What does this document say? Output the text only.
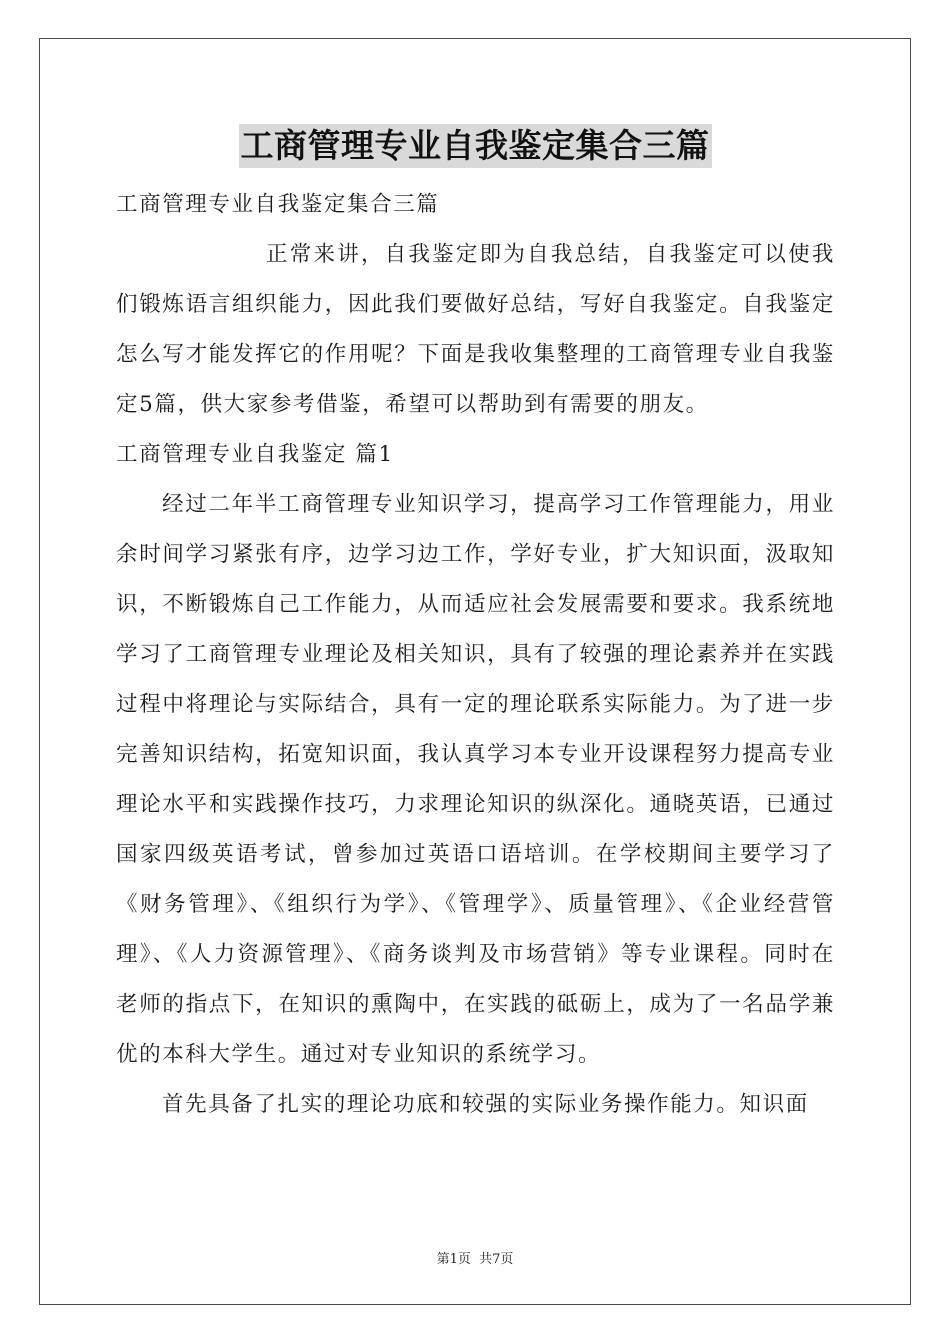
工商管理专业自我鉴定集合三篇

工商管理专业自我鉴定集合三篇

正常来讲，自我鉴定即为自我总结，自我鉴定可以使我们锻炼语言组织能力，因此我们要做好总结，写好自我鉴定。自我鉴定怎么写才能发挥它的作用呢？下面是我收集整理的工商管理专业自我鉴定5篇，供大家参考借鉴，希望可以帮助到有需要的朋友。

工商管理专业自我鉴定 篇1

经过二年半工商管理专业知识学习，提高学习工作管理能力，用业余时间学习紧张有序，边学习边工作，学好专业，扩大知识面，汲取知识，不断锻炼自己工作能力，从而适应社会发展需要和要求。我系统地学习了工商管理专业理论及相关知识，具有了较强的理论素养并在实践过程中将理论与实际结合，具有一定的理论联系实际能力。为了进一步完善知识结构，拓宽知识面，我认真学习本专业开设课程努力提高专业理论水平和实践操作技巧，力求理论知识的纵深化。通晓英语，已通过国家四级英语考试，曾参加过英语口语培训。在学校期间主要学习了《财务管理》、《组织行为学》、《管理学》、质量管理》、《企业经营管理》、《人力资源管理》、《商务谈判及市场营销》等专业课程。同时在老师的指点下，在知识的熏陶中，在实践的砥砺上，成为了一名品学兼优的本科大学生。通过对专业知识的系统学习。

首先具备了扎实的理论功底和较强的实际业务操作能力。知识面

第1页 共7页
